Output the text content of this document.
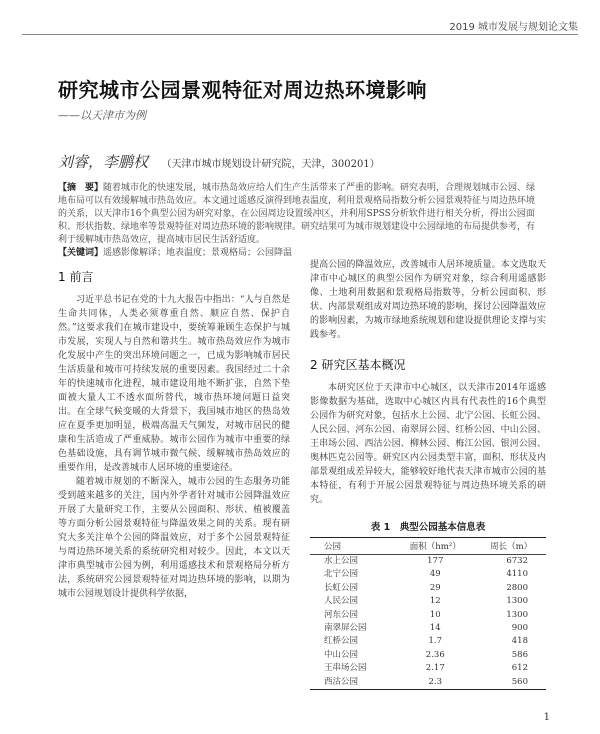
2019 城市发展与规划论文集
研究城市公园景观特征对周边热环境影响
——以天津市为例
刘睿，李鹏权 （天津市城市规划设计研究院，天津，300201）

【摘　要】随着城市化的快速发展，城市热岛效应给人们生产生活带来了严重的影响。研究表明，合理规划城市公园、绿地布局可以有效缓解城市热岛效应。本文通过遥感反演得到地表温度，利用景观格局指数分析公园景观特征与周边热环境的关系，以天津市16个典型公园为研究对象，在公园周边设置缓冲区，并利用SPSS分析软件进行相关分析，得出公园面积、形状指数、绿地率等景观特征对周边热环境的影响规律。研究结果可为城市规划建设中公园绿地的布局提供参考，有利于缓解城市热岛效应，提高城市居民生活舒适度。

【关键词】遥感影像解译；地表温度；景观格局；公园降温

1 前言

习近平总书记在党的十九大报告中指出：“人与自然是生命共同体，人类必须尊重自然、顺应自然、保护自然。”这要求我们在城市建设中，要统筹兼顾生态保护与城市发展，实现人与自然和谐共生。城市热岛效应作为城市化发展中产生的突出环境问题之一，已成为影响城市居民生活质量和城市可持续发展的重要因素。我国经过二十余年的快速城市化进程，城市建设用地不断扩张，自然下垫面被大量人工不透水面所替代，城市热环境问题日益突出。在全球气候变暖的大背景下，我国城市地区的热岛效应在夏季更加明显，极端高温天气频发，对城市居民的健康和生活造成了严重威胁。城市公园作为城市中重要的绿色基础设施，具有调节城市微气候、缓解城市热岛效应的重要作用，是改善城市人居环境的重要途径。

随着城市规划的不断深入，城市公园的生态服务功能受到越来越多的关注，国内外学者针对城市公园降温效应开展了大量研究工作，主要从公园面积、形状、植被覆盖等方面分析公园景观特征与降温效果之间的关系。现有研究大多关注单个公园的降温效应，对于多个公园景观特征与周边热环境关系的系统研究相对较少。因此，本文以天津市典型城市公园为例，利用遥感技术和景观格局分析方法，系统研究公园景观特征对周边热环境的影响，以期为城市公园规划设计提供科学依据，

提高公园的降温效应，改善城市人居环境质量。本文选取天津市中心城区的典型公园作为研究对象，综合利用遥感影像、土地利用数据和景观格局指数等，分析公园面积、形状、内部景观组成对周边热环境的影响，探讨公园降温效应的影响因素，为城市绿地系统规划和建设提供理论支撑与实践参考。

2 研究区基本概况

本研究区位于天津市中心城区，以天津市2014年遥感影像数据为基础，选取中心城区内具有代表性的16个典型公园作为研究对象，包括水上公园、北宁公园、长虹公园、人民公园、河东公园、南翠屏公园、红桥公园、中山公园、王串场公园、西沽公园、柳林公园、梅江公园、银河公园、奥林匹克公园等。研究区内公园类型丰富，面积、形状及内部景观组成差异较大，能够较好地代表天津市城市公园的基本特征，有利于开展公园景观特征与周边热环境关系的研究。

表 1　典型公园基本信息表
公园	面积（hm²）	周长（m）
水上公园	177	6732
北宁公园	49	4110
长虹公园	29	2800
人民公园	12	1300
河东公园	10	1300
南翠屏公园	14	900
红桥公园	1.7	418
中山公园	2.36	586
王串场公园	2.17	612
西沽公园	2.3	560
1
